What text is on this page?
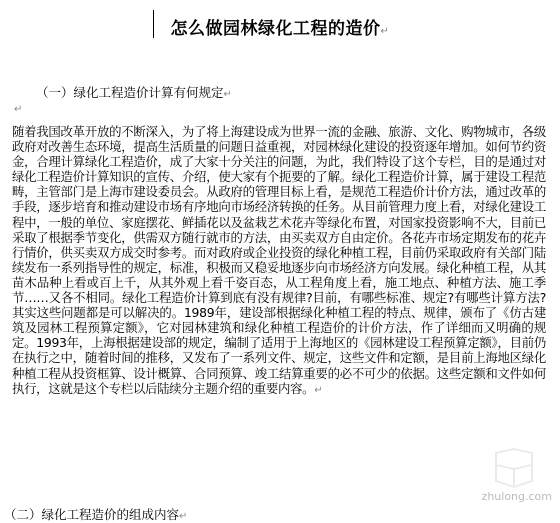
怎么做园林绿化工程的造价↵
（一）绿化工程造价计算有何规定↵
↵

随着我国改革开放的不断深入，为了将上海建设成为世界一流的金融、旅游、文化、购物城市，各级政府对改善生态环境，提高生活质量的问题日益重视，对园林绿化建设的投资逐年增加。如何节约资金，合理计算绿化工程造价，成了大家十分关注的问题，为此，我们特设了这个专栏，目的是通过对绿化工程造价计算知识的宣传、介绍，使大家有个扼要的了解。绿化工程造价计算，属于建设工程范畴，主管部门是上海市建设委员会。从政府的管理目标上看，是规范工程造价计价方法，通过改革的手段，逐步培育和推动建设市场有序地向市场经济转换的任务。从目前管理力度上看，对绿化建设工程中，一般的单位、家庭摆花、鲜插花以及盆栽艺术花卉等绿化布置，对国家投资影响不大，目前已采取了根据季节变化，供需双方随行就市的方法，由买卖双方自由定价。各花卉市场定期发布的花卉行情价，供买卖双方成交时参考。而对政府或企业投资的绿化种植工程，目前仍采取政府有关部门陆续发布一系列指导性的规定，标准，积极而又稳妥地逐步向市场经济方向发展。绿化种植工程，从其苗木品种上看或百上千，从其外观上看千姿百态，从工程角度上看，施工地点、种植方法、施工季节……又各不相同。绿化工程造价计算到底有没有规律?目前，有哪些标准、规定?有哪些计算方法?其实这些问题都是可以解决的。1989年，建设部根据绿化种植工程的特点、规律，颁布了《仿古建筑及园林工程预算定额》，它对园林建筑和绿化种植工程造价的计价方法，作了详细而又明确的规定。1993年，上海根据建设部的规定，编制了适用于上海地区的《园林建设工程预算定额》，目前仍在执行之中，随着时间的推移，又发布了一系列文件、规定，这些文件和定额，是目前上海地区绿化种植工程从投资框算、设计概算、合同预算、竣工结算重要的必不可少的依据。这些定额和文件如何执行，这就是这个专栏以后陆续分主题介绍的重要内容。↵

（二）绿化工程造价的组成内容↵
zhulong.com
